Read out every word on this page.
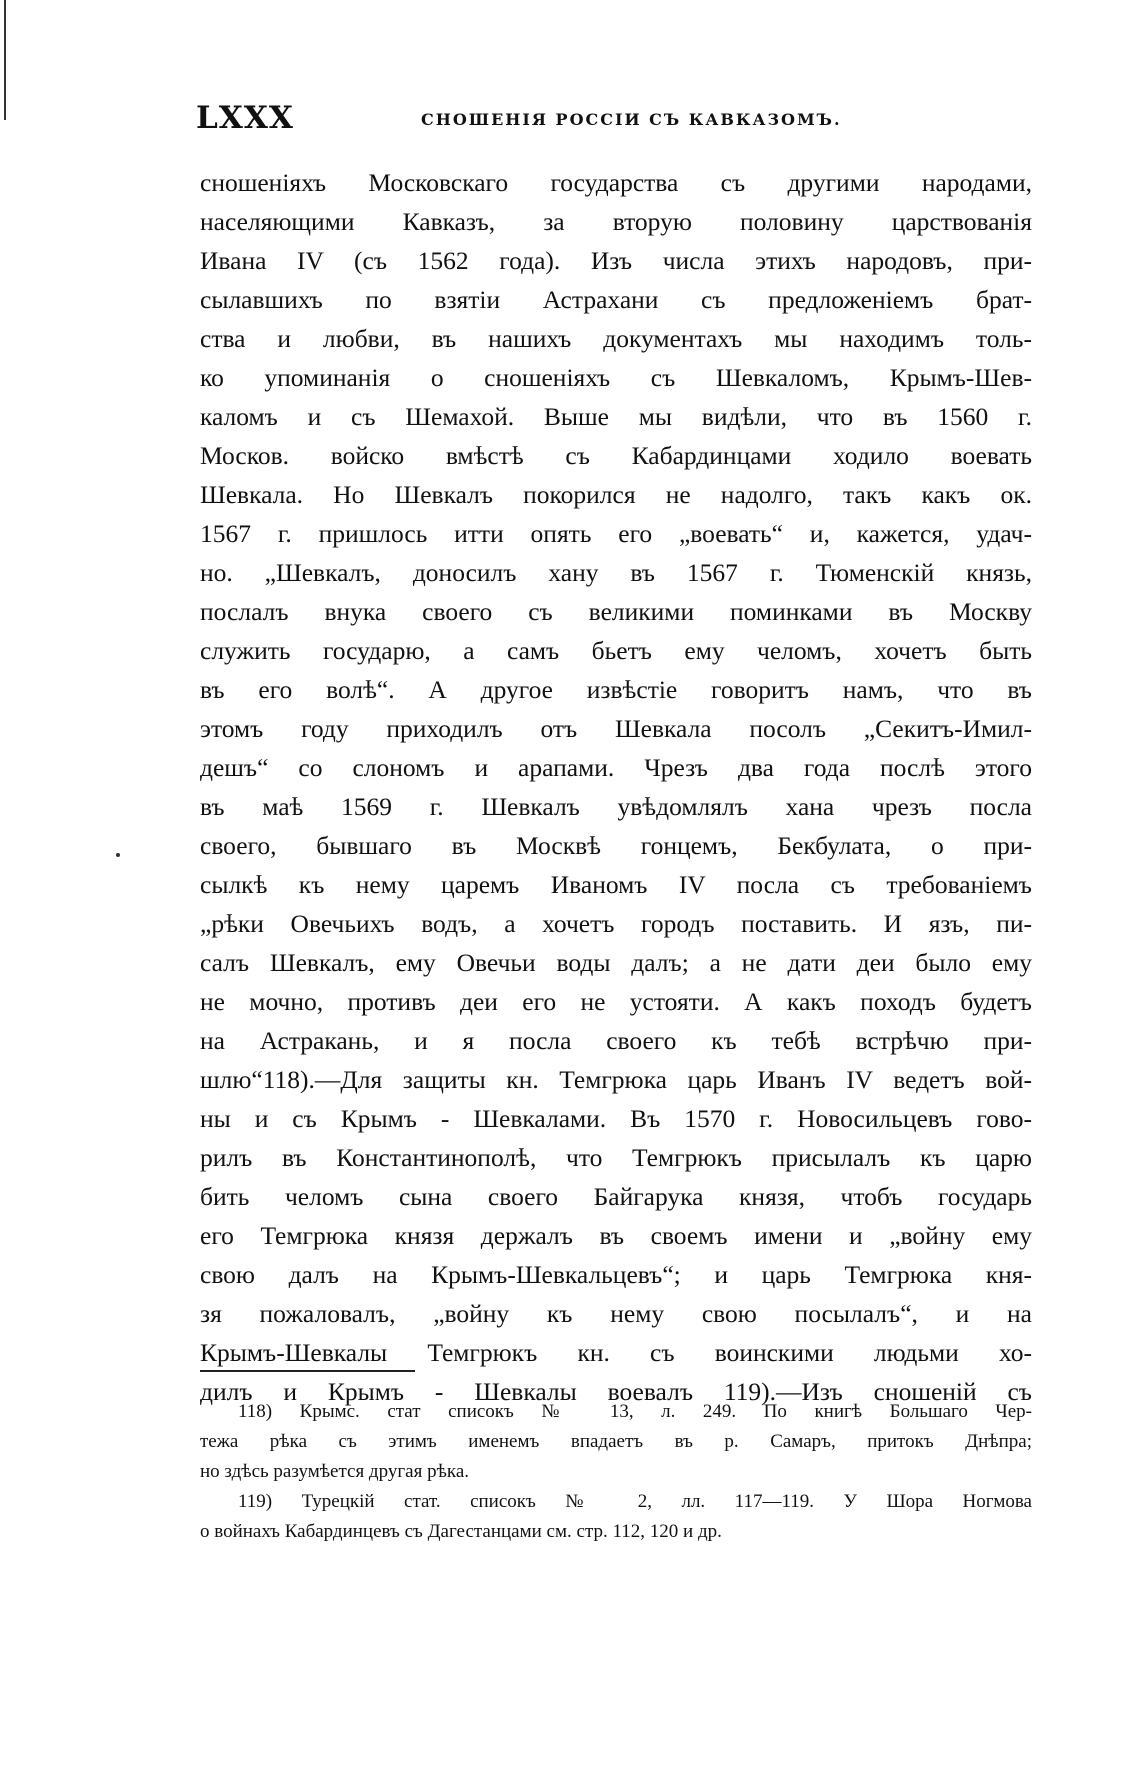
LXXX	СНОШЕНІЯ РОССІИ СЪ КАВКАЗОМЪ.
сношеніяхъ Московскаго государства съ другими народами,
населяющими Кавказъ, за вторую половину царствованія
Ивана IV (съ 1562 года). Изъ числа этихъ народовъ, при-
сылавшихъ по взятіи Астрахани съ предложеніемъ брат-
ства и любви, въ нашихъ документахъ мы находимъ толь-
ко упоминанія о сношеніяхъ съ Шевкаломъ, Крымъ-Шев-
каломъ и съ Шемахой. Выше мы видѣли, что въ 1560 г.
Москов. войско вмѣстѣ съ Кабардинцами ходило воевать
Шевкала. Но Шевкалъ покорился не надолго, такъ какъ ок.
1567 г. пришлось итти опять его „воевать“ и, кажется, удач-
но. „Шевкалъ, доносилъ хану въ 1567 г. Тюменскій князь,
послалъ внука своего съ великими поминками въ Москву
служить государю, а самъ бьетъ ему челомъ, хочетъ быть
въ его волѣ“. А другое извѣстіе говоритъ намъ, что въ
этомъ году приходилъ отъ Шевкала посолъ „Секитъ-Имил-
дешъ“ со слономъ и арапами. Чрезъ два года послѣ этого
въ маѣ 1569 г. Шевкалъ увѣдомлялъ хана чрезъ посла
своего, бывшаго въ Москвѣ гонцемъ, Бекбулата, о при-
сылкѣ къ нему царемъ Иваномъ IV посла съ требованіемъ
„рѣки Овечьихъ водъ, а хочетъ городъ поставить. И язъ, пи-
салъ Шевкалъ, ему Овечьи воды далъ; а не дати деи было ему
не мочно, противъ деи его не устояти. А какъ походъ будетъ
на Астракань, и я посла своего къ тебѣ встрѣчю при-
шлю“118).—Для защиты кн. Темгрюка царь Иванъ IV ведетъ вой-
ны и съ Крымъ - Шевкалами. Въ 1570 г. Новосильцевъ гово-
рилъ въ Константинополѣ, что Темгрюкъ присылалъ къ царю
бить челомъ сына своего Байгарука князя, чтобъ государь
его Темгрюка князя держалъ въ своемъ имени и „войну ему
свою далъ на Крымъ-Шевкальцевъ“; и царь Темгрюка кня-
зя пожаловалъ, „войну къ нему свою посылалъ“, и на
Крымъ-Шевкалы Темгрюкъ кн. съ воинскими людьми хо-
дилъ и Крымъ - Шевкалы воевалъ 119).—Изъ сношеній съ
118) Крымс. стат списокъ № 13, л. 249. По книгѣ Большаго Чер-
тежа рѣка съ этимъ именемъ впадаетъ въ р. Самаръ, притокъ Днѣпра;
но здѣсь разумѣется другая рѣка.
119) Турецкій стат. списокъ № 2, лл. 117—119. У Шора Ногмова
о войнахъ Кабардинцевъ съ Дагестанцами см. стр. 112, 120 и др.
